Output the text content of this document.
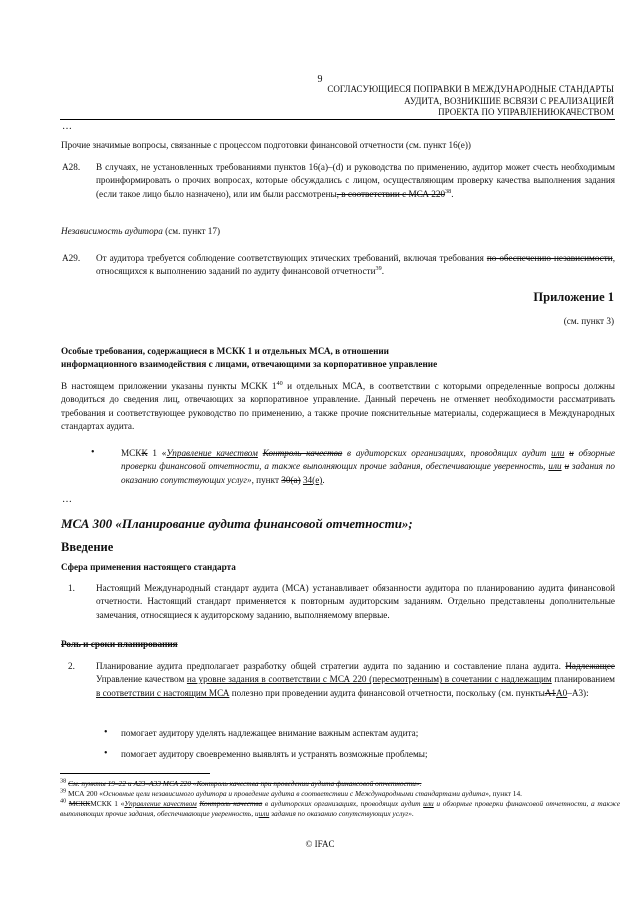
9
СОГЛАСУЮЩИЕСЯ ПОПРАВКИ В МЕЖДУНАРОДНЫЕ СТАНДАРТЫ
АУДИТА, ВОЗНИКШИЕ ВСВЯЗИ С РЕАЛИЗАЦИЕЙ
ПРОЕКТА ПО УПРАВЛЕНИЮКАЧЕСТВОМ
…
Прочие значимые вопросы, связанные с процессом подготовки финансовой отчетности (см. пункт 16(e))
A28. В случаях, не установленных требованиями пунктов 16(a)–(d) и руководства по применению, аудитор может счесть необходимым проинформировать о прочих вопросах, которые обсуждались с лицом, осуществляющим проверку качества выполнения задания (если такое лицо было назначено), или им были рассмотрены, в соответствии с МСА $220^{38}$.
Независимость аудитора (см. пункт 17)
A29. От аудитора требуется соблюдение соответствующих этических требований, включая требования по обеспечению независимости, относящихся к выполнению заданий по аудиту финансовой отчетности$^{39}$.
Приложение 1
(см. пункт 3)
Особые требования, содержащиеся в МСКК 1 и отдельных МСА, в отношении
информационного взаимодействия с лицами, отвечающими за корпоративное управление
В настоящем приложении указаны пункты МСКК $1^{40}$ и отдельных МСА, в соответствии с которыми определенные вопросы должны доводиться до сведения лиц, отвечающих за корпоративное управление. Данный перечень не отменяет необходимости рассматривать требования и соответствующее руководство по применению, а также прочие пояснительные материалы, содержащиеся в Международных стандартах аудита.
•	МСКК 1 «Управление качеством Контроль качества в аудиторских организациях, проводящих аудит или и обзорные проверки финансовой отчетности, а также выполняющих прочие задания, обеспечивающие уверенность, или и задания по оказанию сопутствующих услуг», пункт 30(a) 34(e).
…
МСА 300 «Планирование аудита финансовой отчетности»;
Введение
Сфера применения настоящего стандарта
1. Настоящий Международный стандарт аудита (МСА) устанавливает обязанности аудитора по планированию аудита финансовой отчетности. Настоящий стандарт применяется к повторным аудиторским заданиям. Отдельно представлены дополнительные замечания, относящиеся к аудиторскому заданию, выполняемому впервые.
Роль и сроки планирования
2. Планирование аудита предполагает разработку общей стратегии аудита по заданию и составление плана аудита. Надлежащее Управление качеством на уровне задания в соответствии с МСА 220 (пересмотренным) в сочетании с надлежащим планированием в соответствии с настоящим МСА полезно при проведении аудита финансовой отчетности, поскольку (см. пунктыA1A0–A3):
• помогает аудитору уделять надлежащее внимание важным аспектам аудита;
• помогает аудитору своевременно выявлять и устранять возможные проблемы;
$^{38}$ См. пункты 19–22 и A23–A33 МСА 220 «Контроль качества при проведении аудита финансовой отчетности».
$^{39}$ МСА 200 «Основные цели независимого аудитора и проведение аудита в соответствии с Международными стандартами аудита», пункт 14.
$^{40}$ МСККМСКК 1 «Управление качеством Контроль качества в аудиторских организациях, проводящих аудит или и обзорные проверки финансовой отчетности, а также выполняющих прочие задания, обеспечивающие уверенность, иили задания по оказанию сопутствующих услуг».
© IFAC
